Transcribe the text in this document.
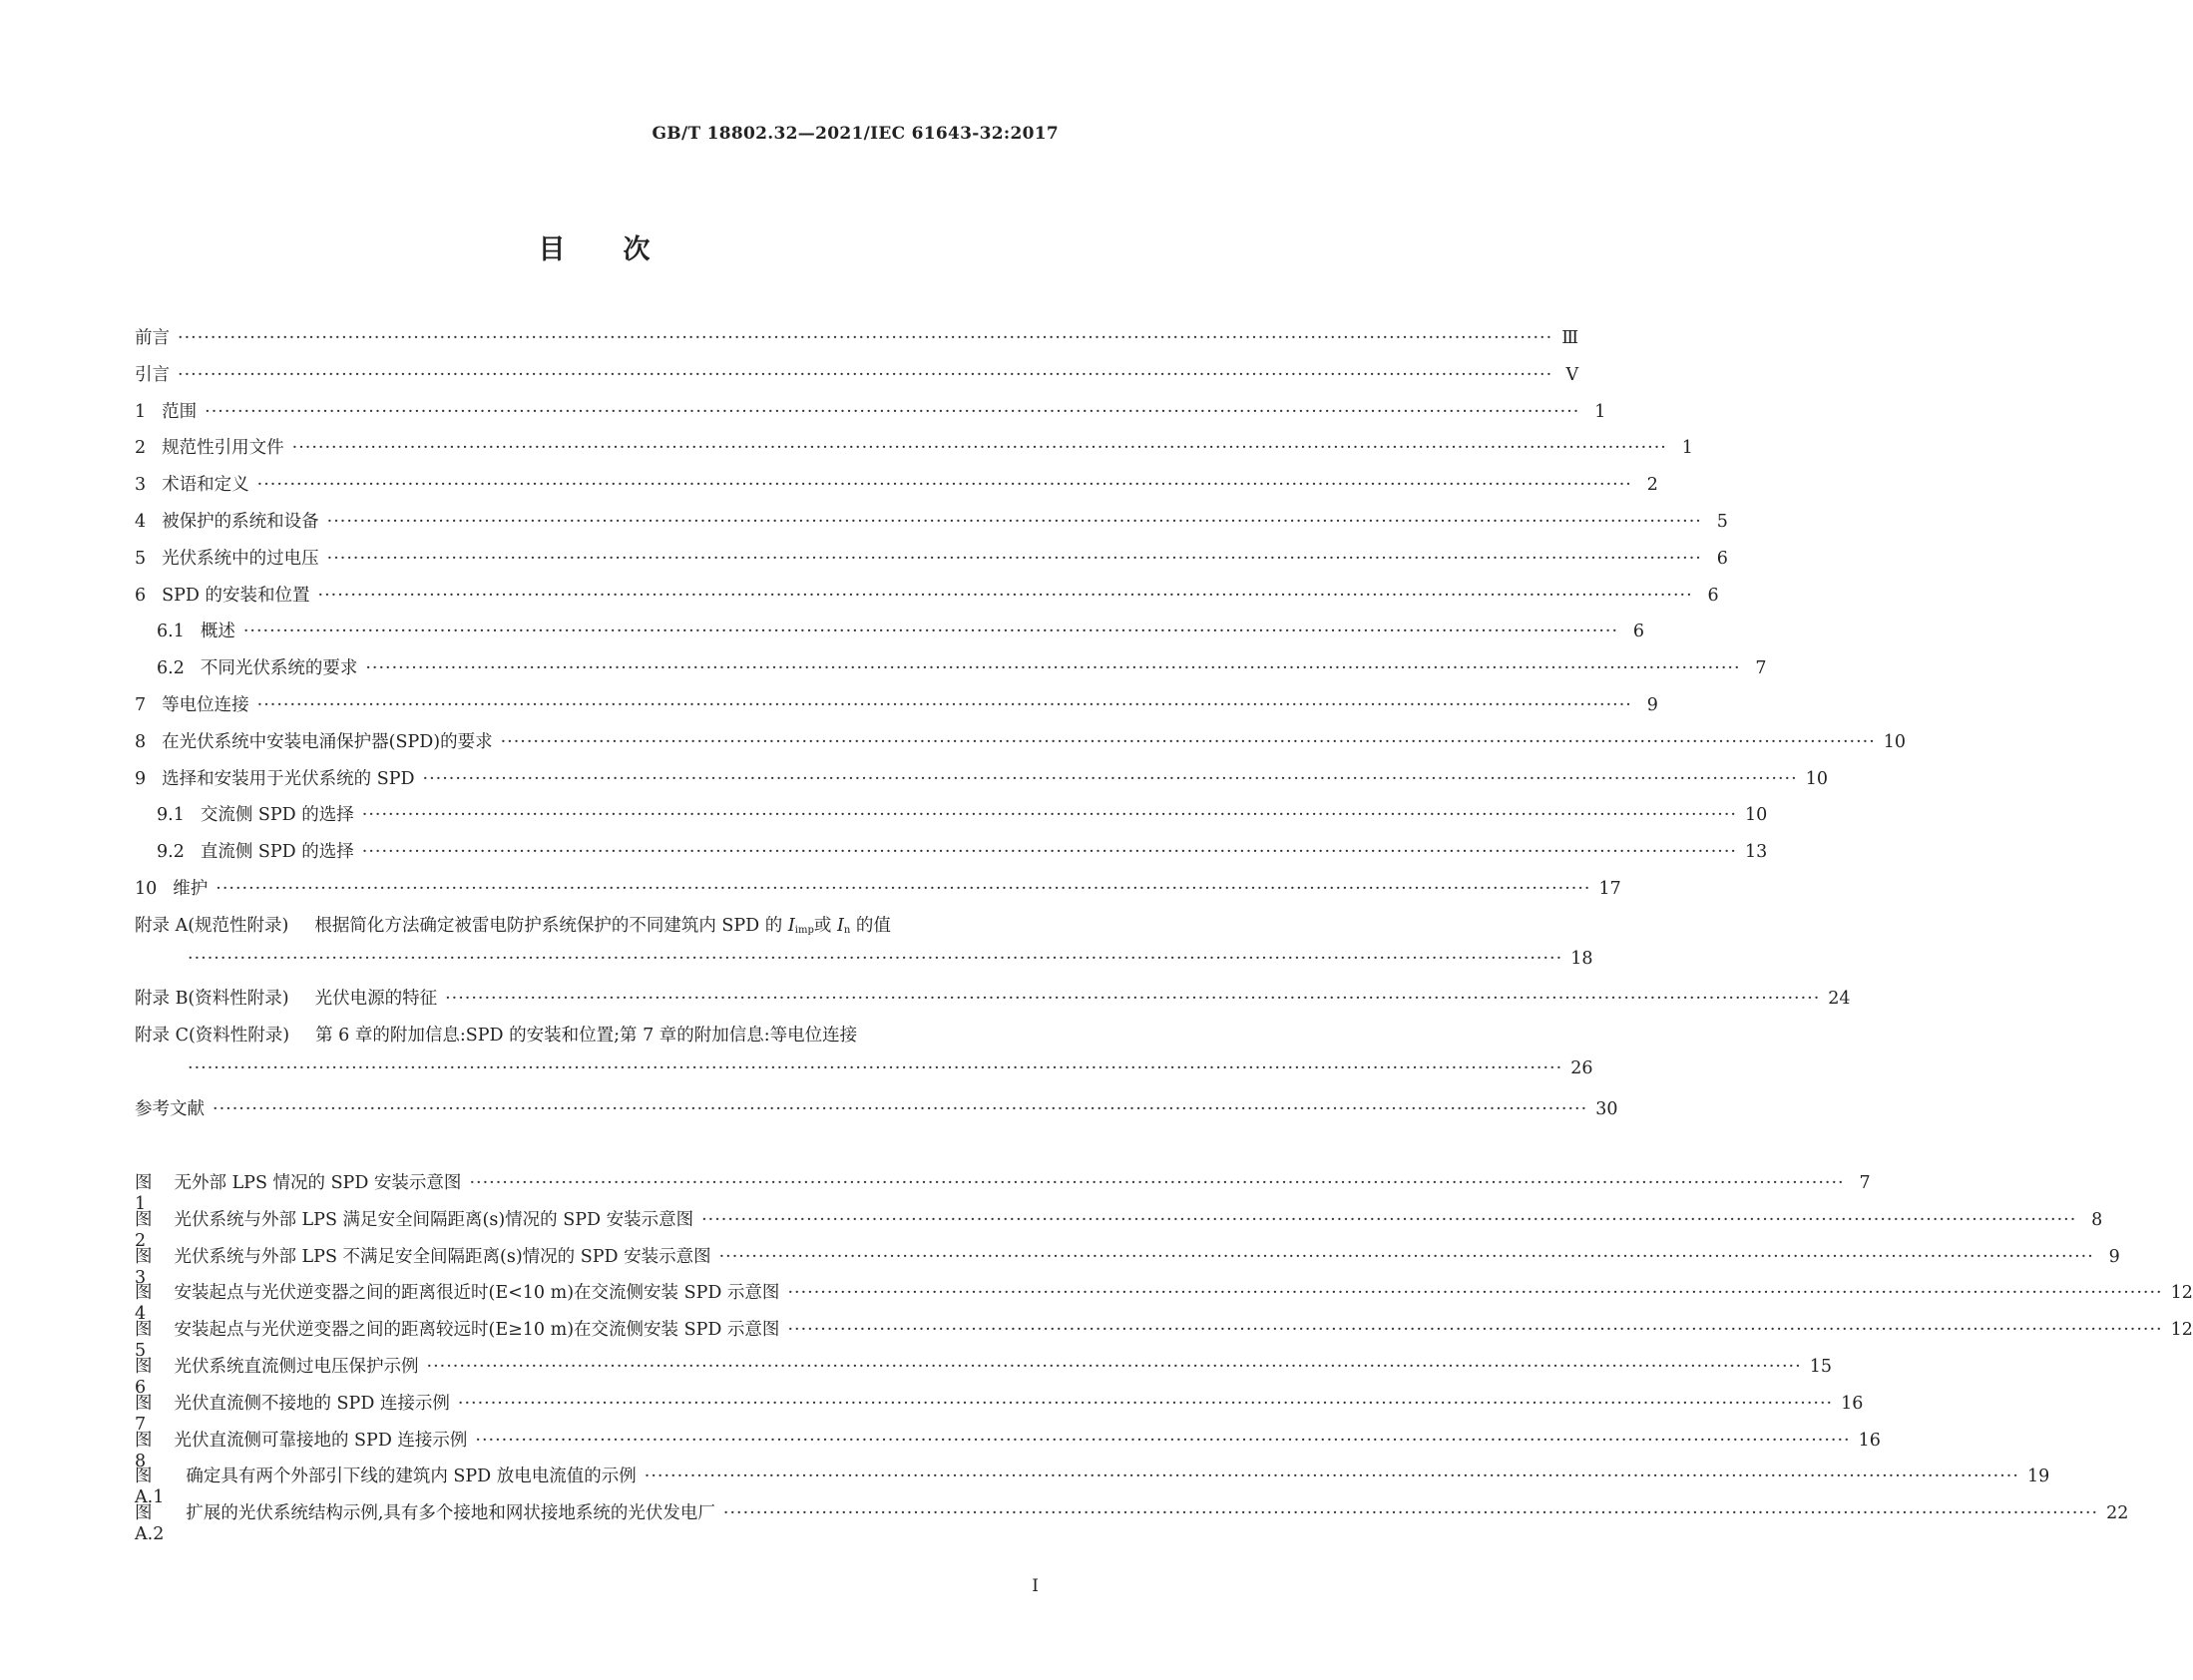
GB/T 18802.32—2021/IEC 61643-32:2017
目次
前言 ·················································································································································································································· Ⅲ
引言 ·················································································································································································································· Ⅴ
1 范围 ·················································································································································································································· 1
2 规范性引用文件 ·················································································································································································································· 1
3 术语和定义 ·················································································································································································································· 2
4 被保护的系统和设备 ·················································································································································································································· 5
5 光伏系统中的过电压 ·················································································································································································································· 6
6 SPD 的安装和位置 ·················································································································································································································· 6
6.1 概述 ·················································································································································································································· 6
6.2 不同光伏系统的要求 ·················································································································································································································· 7
7 等电位连接 ·················································································································································································································· 9
8 在光伏系统中安装电涌保护器(SPD)的要求 ·················································································································································································································· 10
9 选择和安装用于光伏系统的 SPD ·················································································································································································································· 10
9.1 交流侧 SPD 的选择 ·················································································································································································································· 10
9.2 直流侧 SPD 的选择 ·················································································································································································································· 13
10 维护 ·················································································································································································································· 17
附录 A(规范性附录) 根据简化方法确定被雷电防护系统保护的不同建筑内 SPD 的 $I_{imp}$或 $I_n$ 的值
·················································································································································································································· 18
附录 B(资料性附录) 光伏电源的特征 ·················································································································································································································· 24
附录 C(资料性附录) 第 6 章的附加信息:SPD 的安装和位置;第 7 章的附加信息:等电位连接
·················································································································································································································· 26
参考文献 ·················································································································································································································· 30
图 1
无外部 LPS 情况的 SPD 安装示意图 ·················································································································································································································· 7
图 2
光伏系统与外部 LPS 满足安全间隔距离(s)情况的 SPD 安装示意图 ·················································································································································································································· 8
图 3
光伏系统与外部 LPS 不满足安全间隔距离(s)情况的 SPD 安装示意图 ·················································································································································································································· 9
图 4
安装起点与光伏逆变器之间的距离很近时(E<10 m)在交流侧安装 SPD 示意图 ·················································································································································································································· 12
图 5
安装起点与光伏逆变器之间的距离较远时(E≥10 m)在交流侧安装 SPD 示意图 ·················································································································································································································· 12
图 6
光伏系统直流侧过电压保护示例 ·················································································································································································································· 15
图 7
光伏直流侧不接地的 SPD 连接示例 ·················································································································································································································· 16
图 8
光伏直流侧可靠接地的 SPD 连接示例 ·················································································································································································································· 16
图 A.1
确定具有两个外部引下线的建筑内 SPD 放电电流值的示例 ·················································································································································································································· 19
图 A.2
扩展的光伏系统结构示例,具有多个接地和网状接地系统的光伏发电厂 ·················································································································································································································· 22
I
